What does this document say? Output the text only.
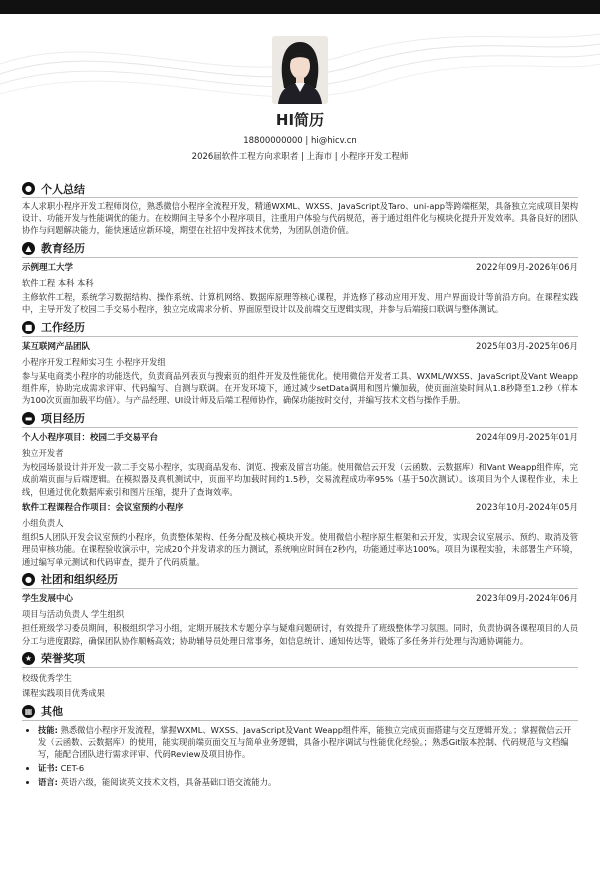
HI简历
18800000000 | hi@hicv.cn
2026届软件工程方向求职者 | 上海市 | 小程序开发工程师
● 个人总结
本人求职小程序开发工程师岗位，熟悉微信小程序全流程开发，精通WXML、WXSS、JavaScript及Taro、uni-app等跨端框架，具备独立完成项目架构设计、功能开发与性能调优的能力。在校期间主导多个小程序项目，注重用户体验与代码规范，善于通过组件化与模块化提升开发效率。具备良好的团队协作与问题解决能力，能快速适应新环境，期望在社招中发挥技术优势，为团队创造价值。
▲ 教育经历
示例理工大学	2022年09月-2026年06月
软件工程 本科 本科
主修软件工程，系统学习数据结构、操作系统、计算机网络、数据库原理等核心课程，并选修了移动应用开发、用户界面设计等前沿方向。在课程实践中，主导开发了校园二手交易小程序，独立完成需求分析、界面原型设计以及前端交互逻辑实现，并参与后端接口联调与整体测试。
■ 工作经历
某互联网产品团队	2025年03月-2025年06月
小程序开发工程师实习生 小程序开发组
参与某电商类小程序的功能迭代，负责商品列表页与搜索页的组件开发及性能优化。使用微信开发者工具、WXML/WXSS、JavaScript及Vant Weapp组件库，协助完成需求评审、代码编写、自测与联调。在开发环境下，通过减少setData调用和图片懒加载，使页面渲染时间从1.8秒降至1.2秒（样本为100次页面加载平均值）。与产品经理、UI设计师及后端工程师协作，确保功能按时交付，并编写技术文档与操作手册。
▬ 项目经历
个人小程序项目：校园二手交易平台	2024年09月-2025年01月
独立开发者
为校园场景设计并开发一款二手交易小程序，实现商品发布、浏览、搜索及留言功能。使用微信云开发（云函数、云数据库）和Vant Weapp组件库，完成前端页面与后端逻辑。在模拟器及真机测试中，页面平均加载时间约1.5秒，交易流程成功率95%（基于50次测试）。该项目为个人课程作业，未上线，但通过优化数据库索引和图片压缩，提升了查询效率。
软件工程课程合作项目：会议室预约小程序	2023年10月-2024年05月
小组负责人
组织5人团队开发会议室预约小程序，负责整体架构、任务分配及核心模块开发。使用微信小程序原生框架和云开发，实现会议室展示、预约、取消及管理员审核功能。在课程验收演示中，完成20个并发请求的压力测试，系统响应时间在2秒内，功能通过率达100%。项目为课程实验，未部署生产环境，通过编写单元测试和代码审查，提升了代码质量。
● 社团和组织经历
学生发展中心	2023年09月-2024年06月
项目与活动负责人 学生组织
担任班级学习委员期间，积极组织学习小组，定期开展技术专题分享与疑难问题研讨，有效提升了班级整体学习氛围。同时，负责协调各课程项目的人员分工与进度跟踪，确保团队协作顺畅高效；协助辅导员处理日常事务，如信息统计、通知传达等，锻炼了多任务并行处理与沟通协调能力。
★ 荣誉奖项
校级优秀学生
课程实践项目优秀成果
▦ 其他
• 技能: 熟悉微信小程序开发流程，掌握WXML、WXSS、JavaScript及Vant Weapp组件库，能独立完成页面搭建与交互逻辑开发。；掌握微信云开发（云函数、云数据库）的使用，能实现前端页面交互与简单业务逻辑，具备小程序调试与性能优化经验。；熟悉Git版本控制、代码规范与文档编写，能配合团队进行需求评审、代码Review及项目协作。
• 证书: CET-6
• 语言: 英语六级，能阅读英文技术文档，具备基础口语交流能力。
